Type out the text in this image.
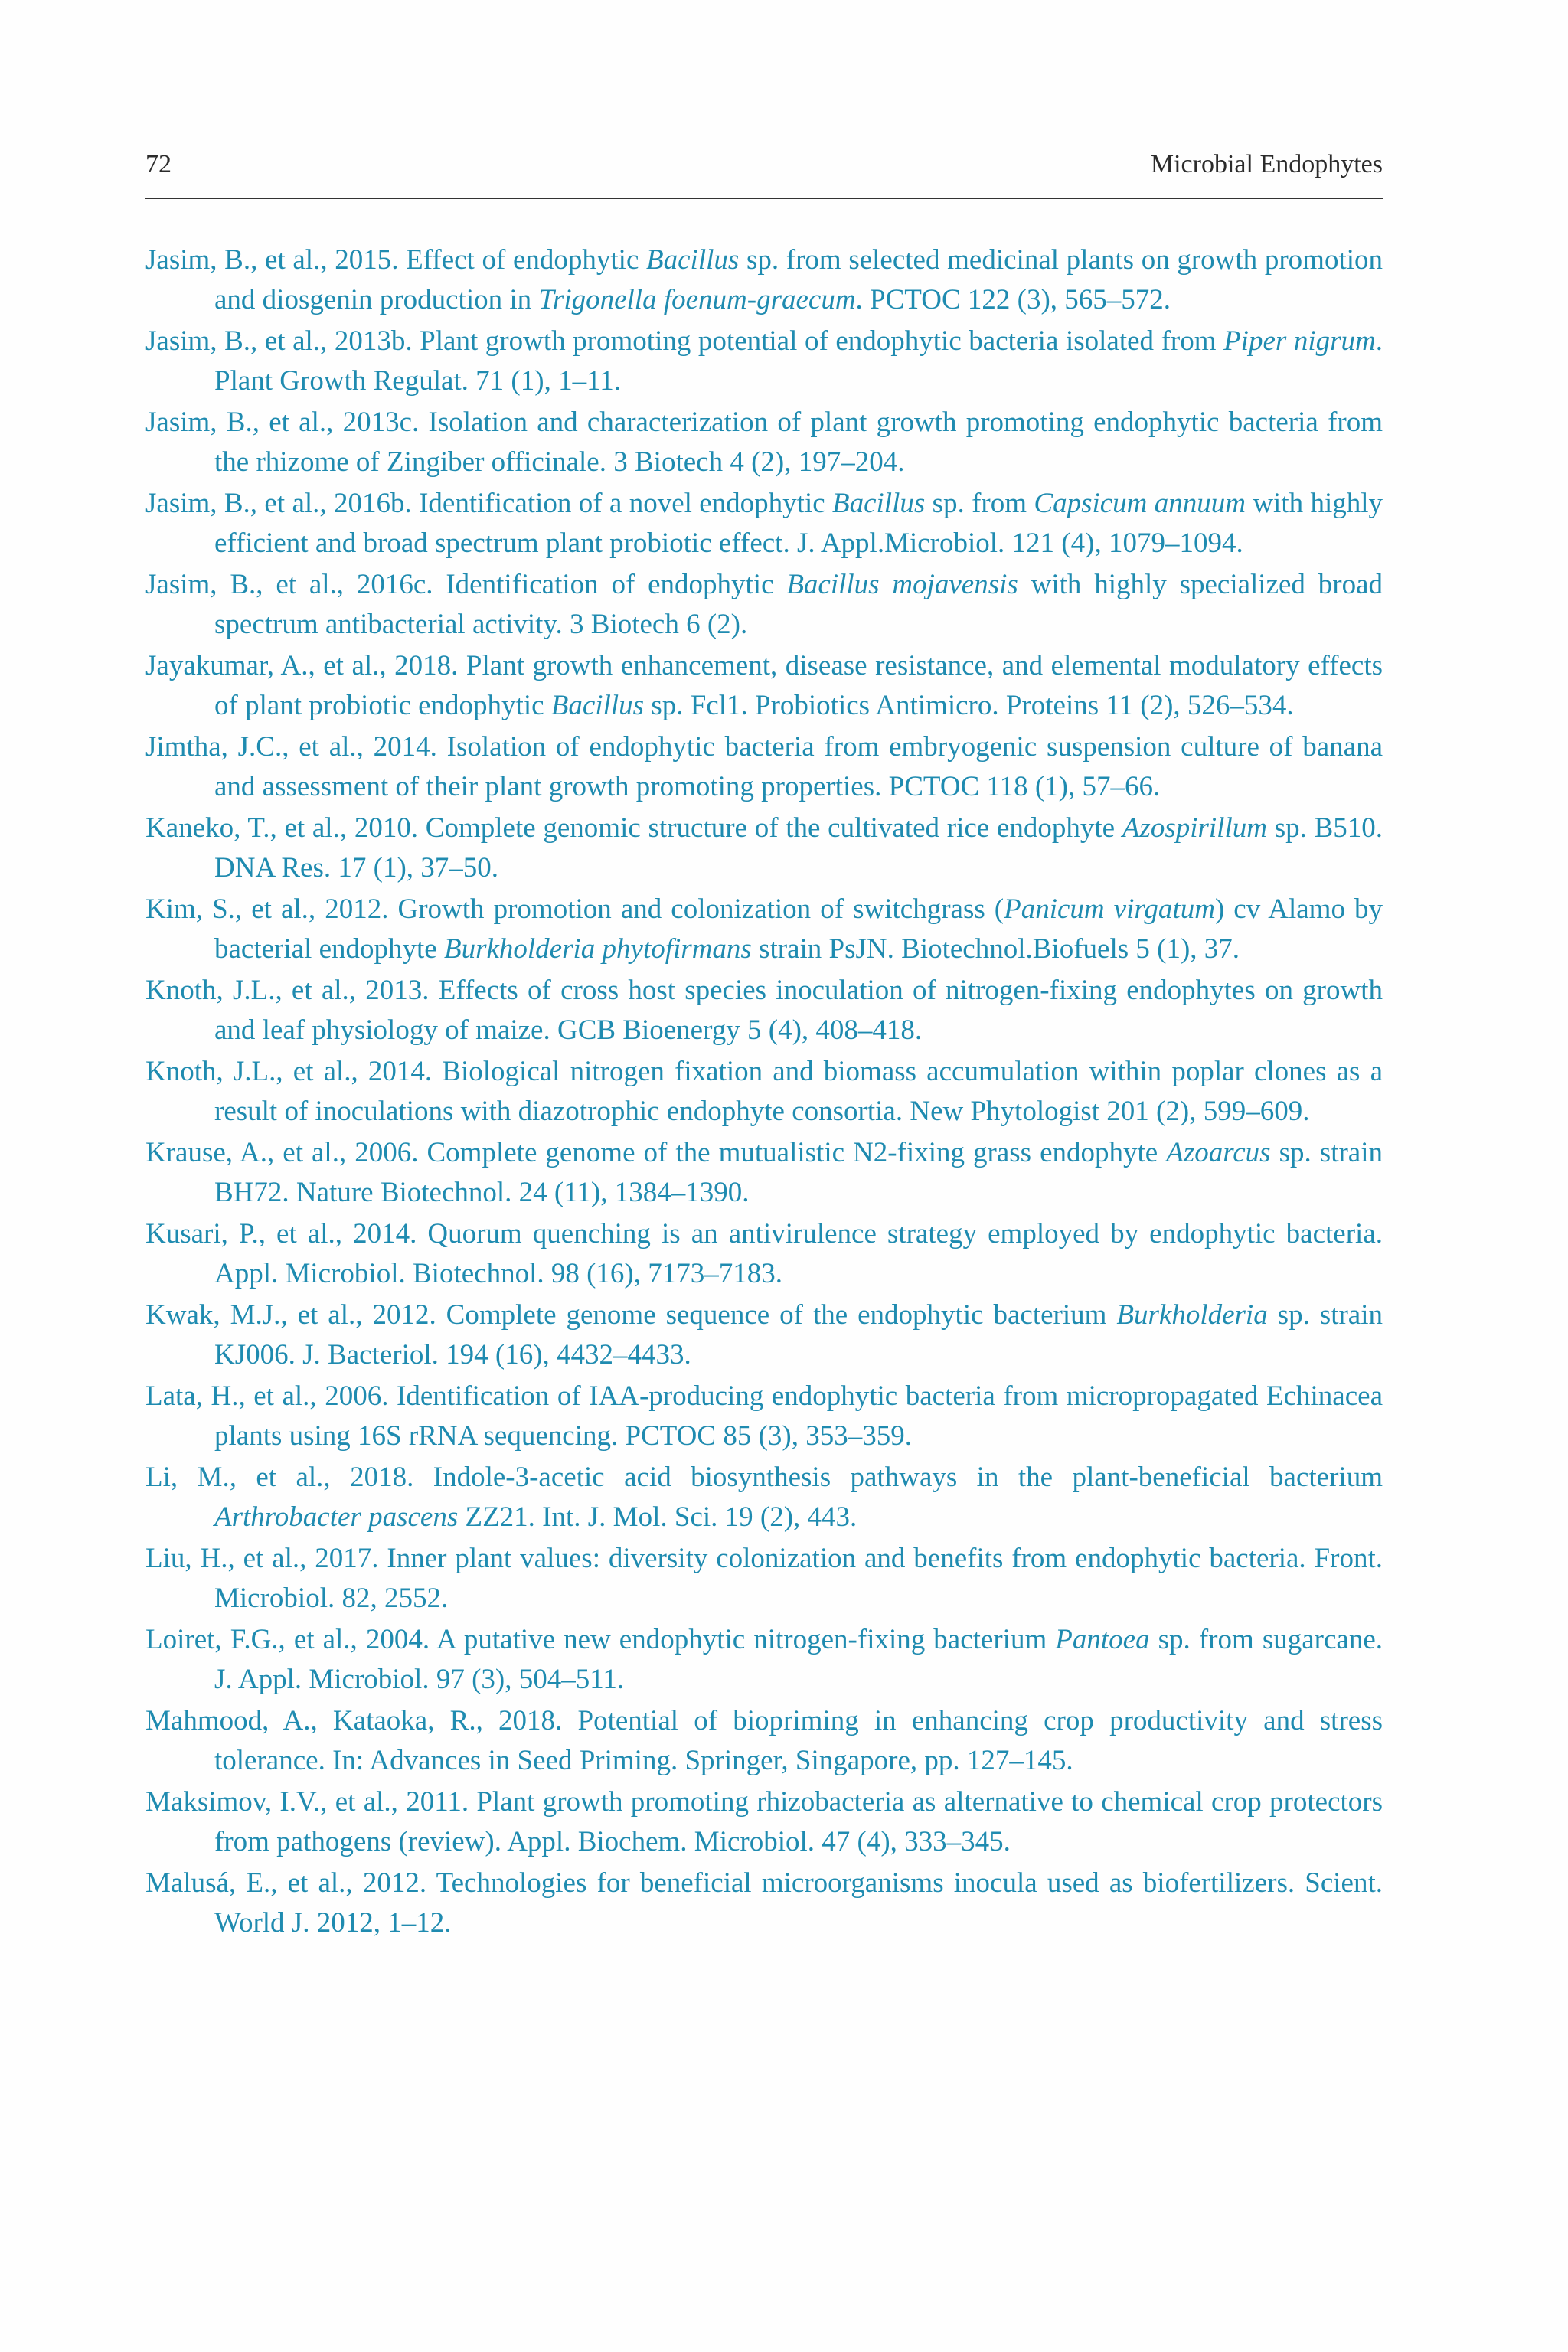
72	Microbial Endophytes
Jasim, B., et al., 2015. Effect of endophytic Bacillus sp. from selected medicinal plants on growth promotion and diosgenin production in Trigonella foenum-graecum. PCTOC 122 (3), 565–572.
Jasim, B., et al., 2013b. Plant growth promoting potential of endophytic bacteria isolated from Piper nigrum. Plant Growth Regulat. 71 (1), 1–11.
Jasim, B., et al., 2013c. Isolation and characterization of plant growth promoting endophytic bacteria from the rhizome of Zingiber officinale. 3 Biotech 4 (2), 197–204.
Jasim, B., et al., 2016b. Identification of a novel endophytic Bacillus sp. from Capsicum annuum with highly efficient and broad spectrum plant probiotic effect. J. Appl.Microbiol. 121 (4), 1079–1094.
Jasim, B., et al., 2016c. Identification of endophytic Bacillus mojavensis with highly specialized broad spectrum antibacterial activity. 3 Biotech 6 (2).
Jayakumar, A., et al., 2018. Plant growth enhancement, disease resistance, and elemental modulatory effects of plant probiotic endophytic Bacillus sp. Fcl1. Probiotics Antimicro. Proteins 11 (2), 526–534.
Jimtha, J.C., et al., 2014. Isolation of endophytic bacteria from embryogenic suspension culture of banana and assessment of their plant growth promoting properties. PCTOC 118 (1), 57–66.
Kaneko, T., et al., 2010. Complete genomic structure of the cultivated rice endophyte Azospirillum sp. B510. DNA Res. 17 (1), 37–50.
Kim, S., et al., 2012. Growth promotion and colonization of switchgrass (Panicum virgatum) cv Alamo by bacterial endophyte Burkholderia phytofirmans strain PsJN. Biotechnol.Biofuels 5 (1), 37.
Knoth, J.L., et al., 2013. Effects of cross host species inoculation of nitrogen-fixing endophytes on growth and leaf physiology of maize. GCB Bioenergy 5 (4), 408–418.
Knoth, J.L., et al., 2014. Biological nitrogen fixation and biomass accumulation within poplar clones as a result of inoculations with diazotrophic endophyte consortia. New Phytologist 201 (2), 599–609.
Krause, A., et al., 2006. Complete genome of the mutualistic N2-fixing grass endophyte Azoarcus sp. strain BH72. Nature Biotechnol. 24 (11), 1384–1390.
Kusari, P., et al., 2014. Quorum quenching is an antivirulence strategy employed by endophytic bacteria. Appl. Microbiol. Biotechnol. 98 (16), 7173–7183.
Kwak, M.J., et al., 2012. Complete genome sequence of the endophytic bacterium Burkholderia sp. strain KJ006. J. Bacteriol. 194 (16), 4432–4433.
Lata, H., et al., 2006. Identification of IAA-producing endophytic bacteria from micropropagated Echinacea plants using 16S rRNA sequencing. PCTOC 85 (3), 353–359.
Li, M., et al., 2018. Indole-3-acetic acid biosynthesis pathways in the plant-beneficial bacterium Arthrobacter pascens ZZ21. Int. J. Mol. Sci. 19 (2), 443.
Liu, H., et al., 2017. Inner plant values: diversity colonization and benefits from endophytic bacteria. Front. Microbiol. 82, 2552.
Loiret, F.G., et al., 2004. A putative new endophytic nitrogen-fixing bacterium Pantoea sp. from sugarcane. J. Appl. Microbiol. 97 (3), 504–511.
Mahmood, A., Kataoka, R., 2018. Potential of biopriming in enhancing crop productivity and stress tolerance. In: Advances in Seed Priming. Springer, Singapore, pp. 127–145.
Maksimov, I.V., et al., 2011. Plant growth promoting rhizobacteria as alternative to chemical crop protectors from pathogens (review). Appl. Biochem. Microbiol. 47 (4), 333–345.
Malusá, E., et al., 2012. Technologies for beneficial microorganisms inocula used as biofertilizers. Scient. World J. 2012, 1–12.
